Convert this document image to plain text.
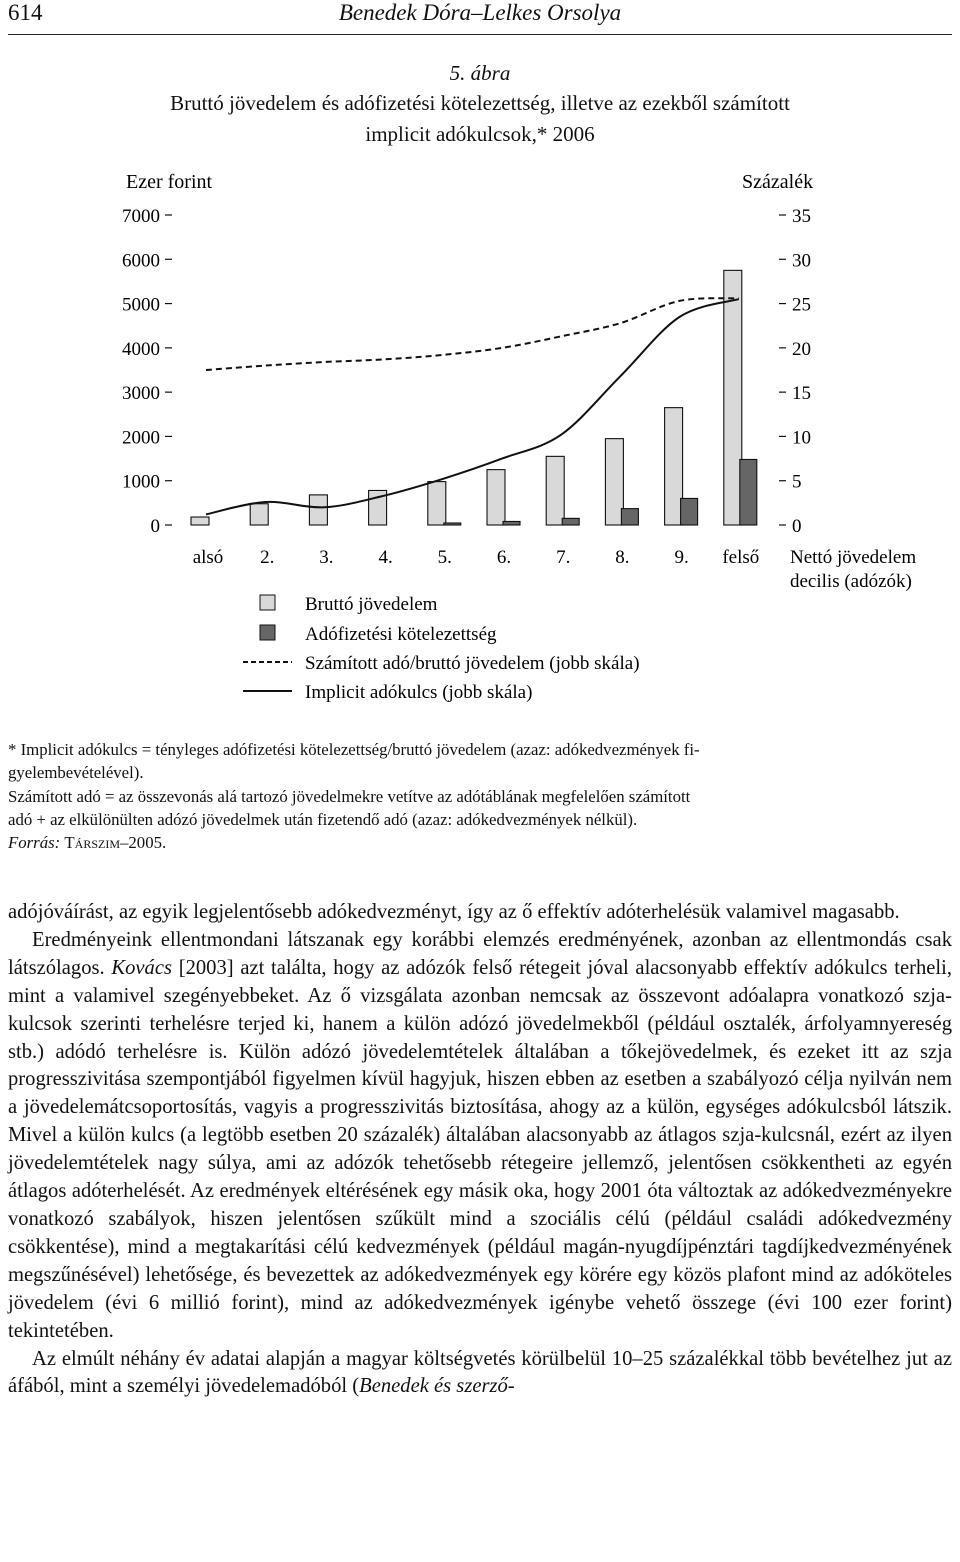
614	Benedek Dóra–Lelkes Orsolya
5. ábra
Bruttó jövedelem és adófizetési kötelezettség, illetve az ezekből számított
implicit adókulcsok,* 2006
Ezer forint	Százalék
7000
6000
5000
4000
3000
2000
1000
0
35
30
25
20
15
10
5
0
alsó 2. 3. 4. 5. 6. 7. 8. 9. felső Nettó jövedelem
decilis (adózók)
Bruttó jövedelem
Adófizetési kötelezettség
Számított adó/bruttó jövedelem (jobb skála)
Implicit adókulcs (jobb skála)

* Implicit adókulcs = tényleges adófizetési kötelezettség/bruttó jövedelem (azaz: adókedvezmények fi-
gyelembevételével).

Számított adó = az összevonás alá tartozó jövedelmekre vetítve az adótáblának megfelelően számított
adó + az elkülönülten adózó jövedelmek után fizetendő adó (azaz: adókedvezmények nélkül).

Forrás: Társzim–2005.

adójóváírást, az egyik legjelentősebb adókedvezményt, így az ő effektív adóterhelésük valamivel magasabb.

Eredményeink ellentmondani látszanak egy korábbi elemzés eredményének, azonban az ellentmondás csak látszólagos. Kovács [2003] azt találta, hogy az adózók felső rétegeit jóval alacsonyabb effektív adókulcs terheli, mint a valamivel szegényebbeket. Az ő vizsgálata azonban nemcsak az összevont adóalapra vonatkozó szja-kulcsok szerinti terhelésre terjed ki, hanem a külön adózó jövedelmekből (például osztalék, árfolyamnyereség stb.) adódó terhelésre is. Külön adózó jövedelemtételek általában a tőkejövedelmek, és ezeket itt az szja progresszivitása szempontjából figyelmen kívül hagyjuk, hiszen ebben az esetben a szabályozó célja nyilván nem a jövedelemátcsoportosítás, vagyis a progresszivitás biztosítása, ahogy az a külön, egységes adókulcsból látszik. Mivel a külön kulcs (a legtöbb esetben 20 százalék) általában alacsonyabb az átlagos szja-kulcsnál, ezért az ilyen jövedelemtételek nagy súlya, ami az adózók tehetősebb rétegeire jellemző, jelentősen csökkentheti az egyén átlagos adóterhelését. Az eredmények eltérésének egy másik oka, hogy 2001 óta változtak az adókedvezményekre vonatkozó szabályok, hiszen jelentősen szűkült mind a szociális célú (például családi adókedvezmény csökkentése), mind a megtakarítási célú kedvezmények (például magán-nyugdíjpénztári tagdíjkedvezményének megszűnésével) lehetősége, és bevezettek az adókedvezmények egy körére egy közös plafont mind az adóköteles jövedelem (évi 6 millió forint), mind az adókedvezmények igénybe vehető összege (évi 100 ezer forint) tekintetében.

Az elmúlt néhány év adatai alapján a magyar költségvetés körülbelül 10–25 százalékkal több bevételhez jut az áfából, mint a személyi jövedelemadóból (Benedek és szerző-
